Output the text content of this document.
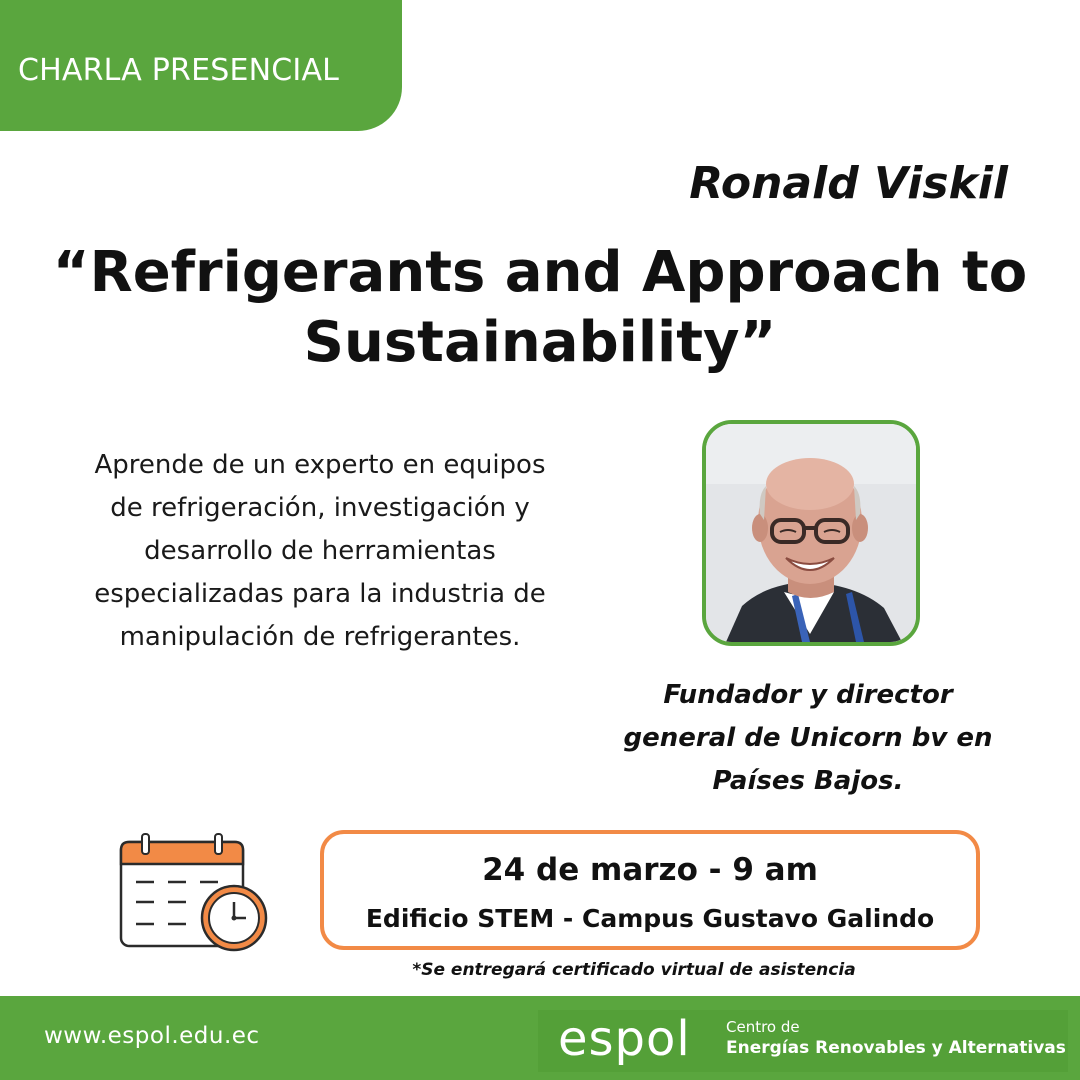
CHARLA PRESENCIAL
Ronald Viskil
“Refrigerants and Approach to
Sustainability”
Aprende de un experto en equipos
de refrigeración, investigación y
desarrollo de herramientas
especializadas para la industria de
manipulación de refrigerantes.
Fundador y director
general de Unicorn bv en
Países Bajos.
24 de marzo - 9 am
Edificio STEM - Campus Gustavo Galindo
*Se entregará certificado virtual de asistencia
www.espol.edu.ec	espol Centro de
Energías Renovables y Alternativas
